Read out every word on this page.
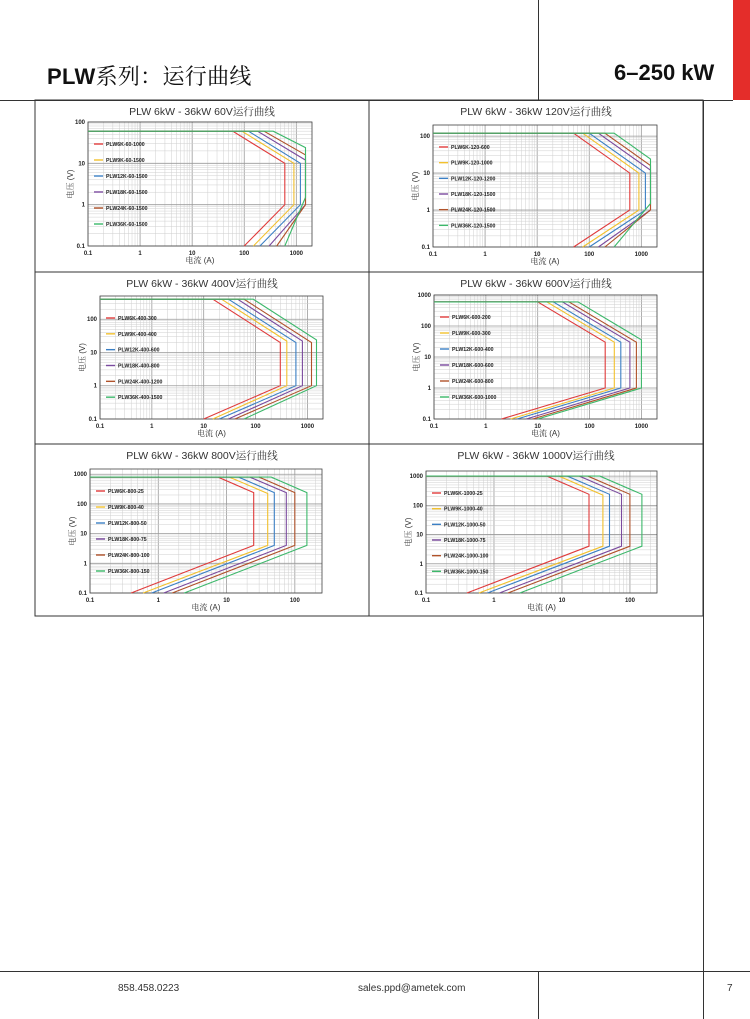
PLW系列：运行曲线	6–250 kW
0.1	1	10	100	1000
0.1
1
10
100
PLW 6kW - 36kW 60V运行曲线
电流 (A)
电压 (V)
PLW6K-60-1000
PLW9K-60-1500
PLW12K-60-1500
PLW18K-60-1500
PLW24K-60-1500
PLW36K-60-1500
0.1	1	10	100	1000
0.1
1
10
100
PLW 6kW - 36kW 120V运行曲线
电流 (A)
电压 (V)
PLW6K-120-600
PLW9K-120-1000
PLW12K-120-1200
PLW18K-120-1500
PLW24K-120-1500
PLW36K-120-1500
0.1	1	10	100	1000
0.1
1
10
100
PLW 6kW - 36kW 400V运行曲线
电流 (A)
电压 (V)
PLW6K-400-300
PLW9K-400-400
PLW12K-400-600
PLW18K-400-800
PLW24K-400-1200
PLW36K-400-1500
0.1	1	10	100	1000
0.1
1
10
100
1000
PLW 6kW - 36kW 600V运行曲线
电流 (A)
电压 (V)
PLW6K-600-200
PLW9K-600-300
PLW12K-600-400
PLW18K-600-600
PLW24K-600-800
PLW36K-600-1000
0.1	1	10	100
0.1
1
10
100
1000
PLW 6kW - 36kW 800V运行曲线
电流 (A)
电压 (V)
PLW6K-800-25
PLW9K-800-40
PLW12K-800-50
PLW18K-800-75
PLW24K-800-100
PLW36K-800-150
0.1	1	10	100
0.1
1
10
100
1000
PLW 6kW - 36kW 1000V运行曲线
电流 (A)
电压 (V)
PLW6K-1000-25
PLW9K-1000-40
PLW12K-1000-50
PLW18K-1000-75
PLW24K-1000-100
PLW36K-1000-150
858.458.0223	sales.ppd@ametek.com	7
